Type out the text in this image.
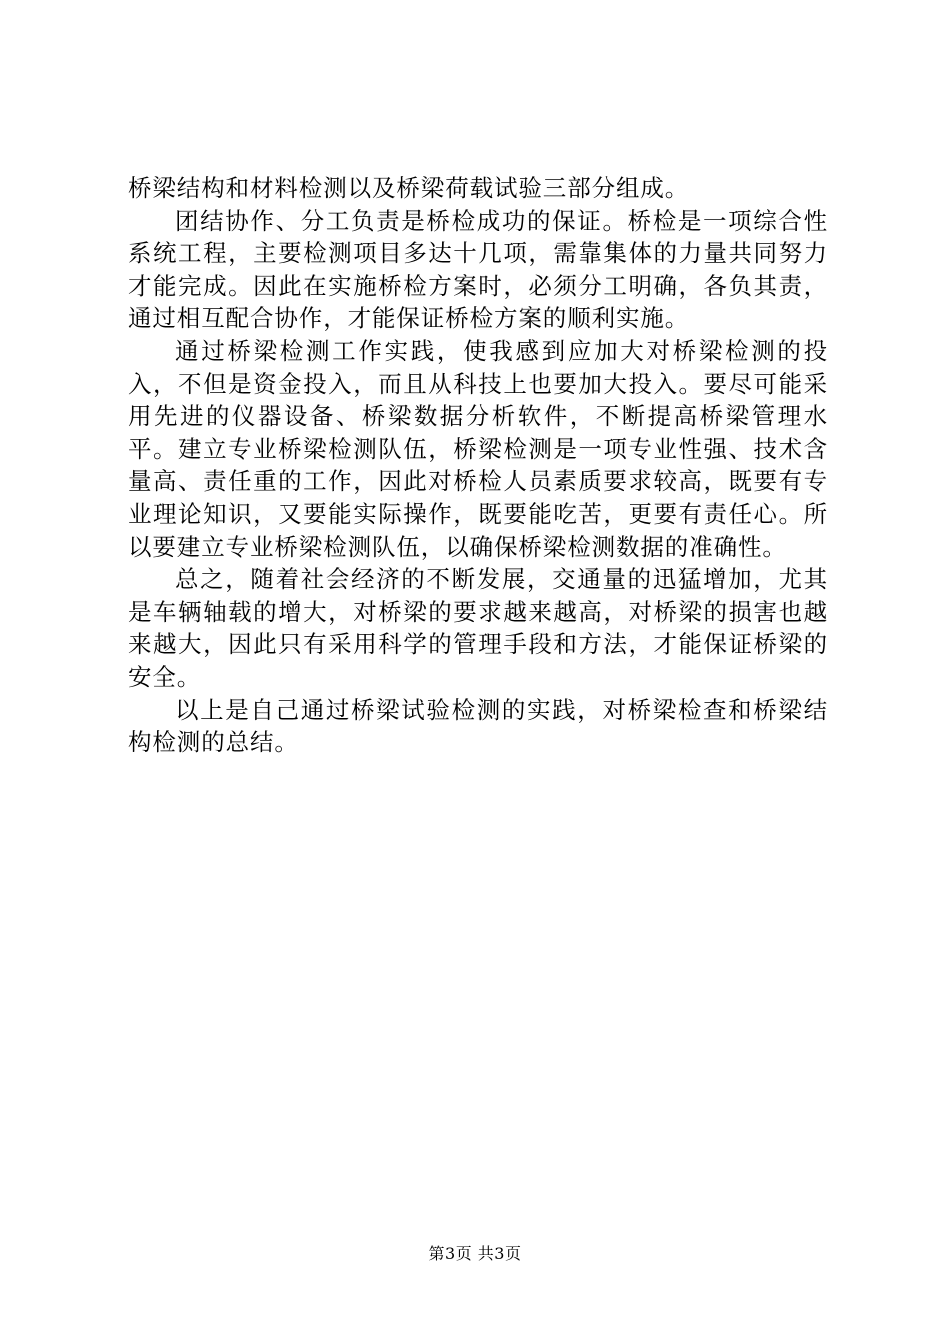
桥梁结构和材料检测以及桥梁荷载试验三部分组成。

团结协作、分工负责是桥检成功的保证。桥检是一项综合性系统工程，主要检测项目多达十几项，需靠集体的力量共同努力才能完成。因此在实施桥检方案时，必须分工明确，各负其责，通过相互配合协作，才能保证桥检方案的顺利实施。

通过桥梁检测工作实践，使我感到应加大对桥梁检测的投入，不但是资金投入，而且从科技上也要加大投入。要尽可能采用先进的仪器设备、桥梁数据分析软件，不断提高桥梁管理水平。建立专业桥梁检测队伍，桥梁检测是一项专业性强、技术含量高、责任重的工作，因此对桥检人员素质要求较高，既要有专业理论知识，又要能实际操作，既要能吃苦，更要有责任心。所以要建立专业桥梁检测队伍，以确保桥梁检测数据的准确性。

总之，随着社会经济的不断发展，交通量的迅猛增加，尤其是车辆轴载的增大，对桥梁的要求越来越高，对桥梁的损害也越来越大，因此只有采用科学的管理手段和方法，才能保证桥梁的安全。

以上是自己通过桥梁试验检测的实践，对桥梁检查和桥梁结构检测的总结。

第3页 共3页
